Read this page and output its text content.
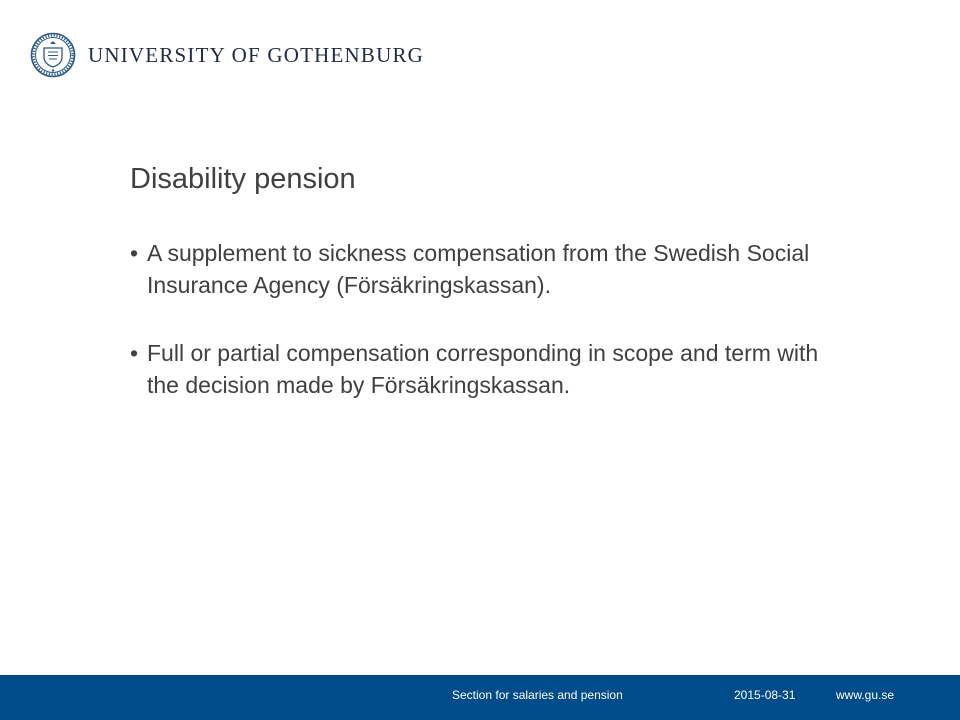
UNIVERSITY OF GOTHENBURG
Disability pension
• A supplement to sickness compensation from the Swedish Social Insurance Agency (Försäkringskassan).
• Full or partial compensation corresponding in scope and term with the decision made by Försäkringskassan.
Section for salaries and pension	2015-08-31	www.gu.se
